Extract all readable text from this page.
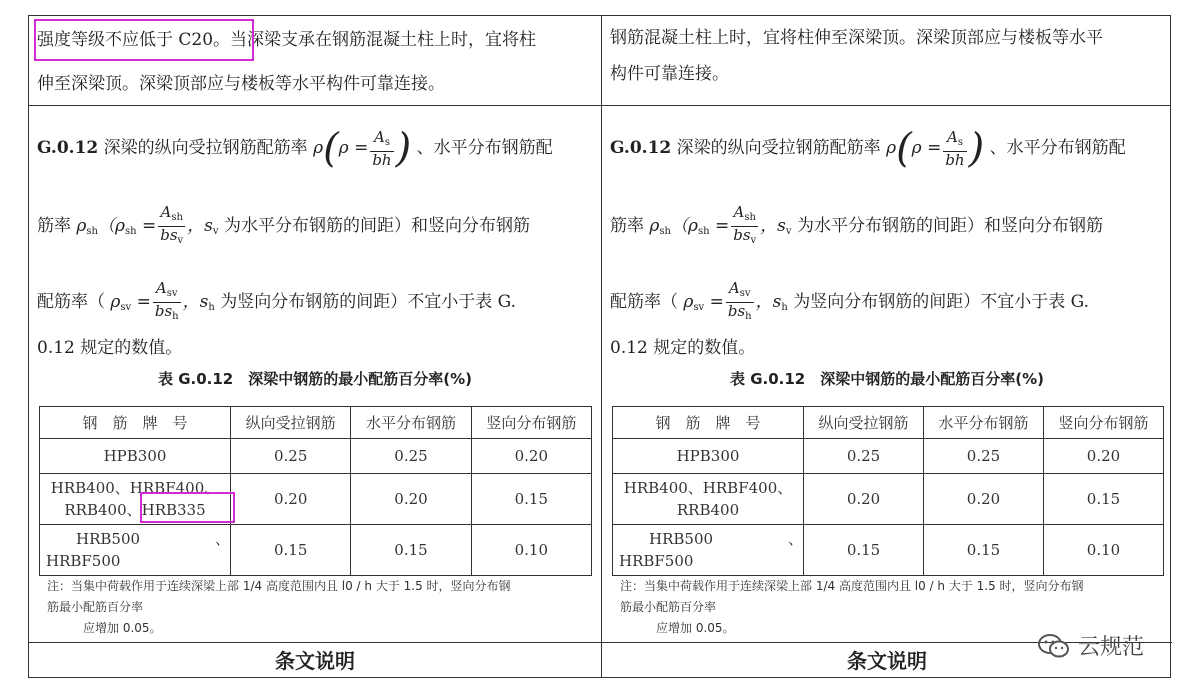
强度等级不应低于 C20。当深梁支承在钢筋混凝土柱上时，宜将柱
伸至深梁顶。深梁顶部应与楼板等水平构件可靠连接。
G.0.12 深梁的纵向受拉钢筋配筋率 $\rho(\rho = \frac{A_s}{bh}$ ) 、水平分布钢筋配
筋率 $\rho_{sh}(\rho_{sh} = \frac{A_{sh}}{bs_v}$ ，$s_v$ 为水平分布钢筋的间距）和竖向分布钢筋
配筋率（ $\rho_{sv} = \frac{A_{sv}}{bs_h}$ ，$s_h$ 为竖向分布钢筋的间距）不宜小于表 G.
0.12 规定的数值。
表 G.0.12　深梁中钢筋的最小配筋百分率(%)
钢　筋　牌　号	纵向受拉钢筋	水平分布钢筋	竖向分布钢筋
HPB300	0.25	0.25	0.20

HRB400、HRBF400、
RRB400、HRB335	0.20	0.20	0.15

HRB500　　　　　、
HRBF500	0.15	0.15	0.10
注：当集中荷载作用于连续深梁上部 1/4 高度范围内且 l0 / h 大于 1.5 时，竖向分布钢
筋最小配筋百分率
应增加 0.05。
条文说明
钢筋混凝土柱上时，宜将柱伸至深梁顶。深梁顶部应与楼板等水平
构件可靠连接。
G.0.12 深梁的纵向受拉钢筋配筋率 $\rho(\rho = \frac{A_s}{bh}$ ) 、水平分布钢筋配
筋率 $\rho_{sh}(\rho_{sh} = \frac{A_{sh}}{bs_v}$ ，$s_v$ 为水平分布钢筋的间距）和竖向分布钢筋
配筋率（ $\rho_{sv} = \frac{A_{sv}}{bs_h}$ ，$s_h$ 为竖向分布钢筋的间距）不宜小于表 G.
0.12 规定的数值。
表 G.0.12　深梁中钢筋的最小配筋百分率(%)
钢　筋　牌　号	纵向受拉钢筋	水平分布钢筋	竖向分布钢筋
HPB300	0.25	0.25	0.20

HRB400、HRBF400、
RRB400	0.20	0.20	0.15

HRB500　　　　　、
HRBF500	0.15	0.15	0.10
注：当集中荷载作用于连续深梁上部 1/4 高度范围内且 l0 / h 大于 1.5 时，竖向分布钢
筋最小配筋百分率
应增加 0.05。
条文说明
云规范
